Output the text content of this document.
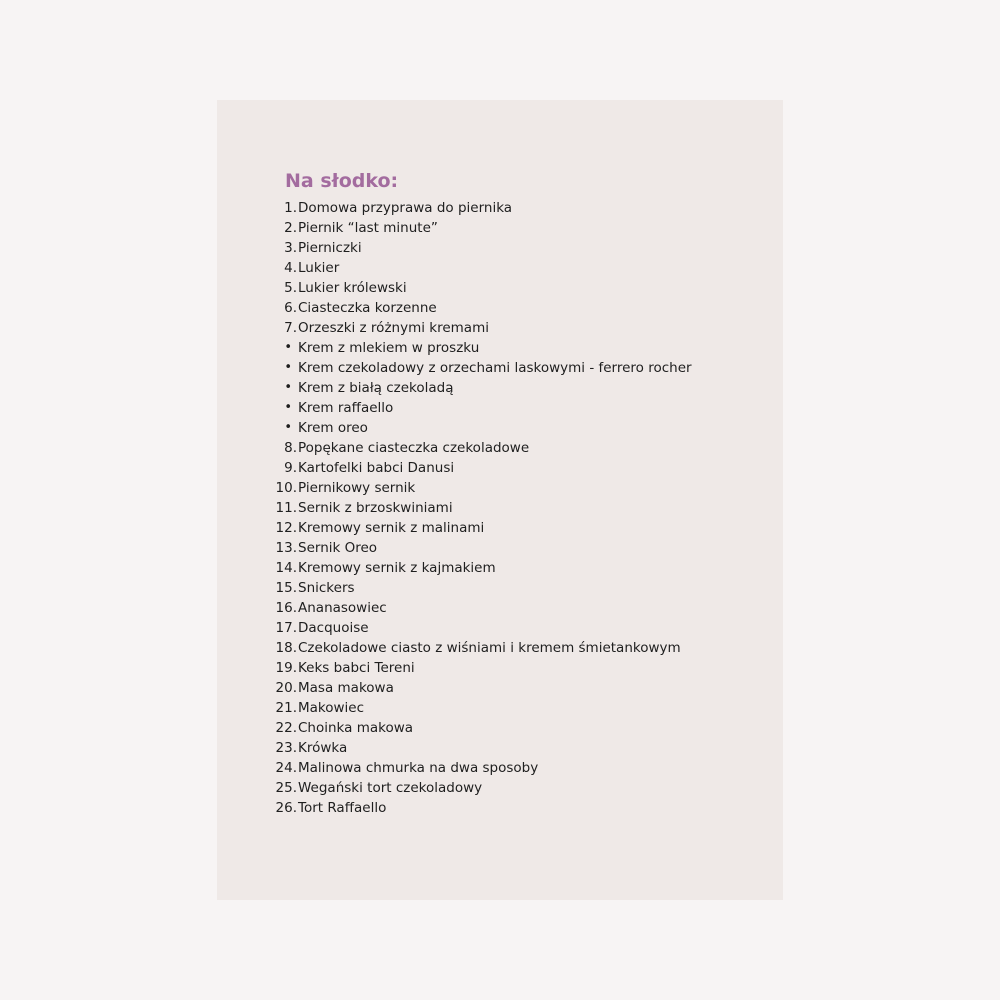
Na słodko:
1. Domowa przyprawa do piernika
2. Piernik “last minute”
3. Pierniczki
4. Lukier
5. Lukier królewski
6. Ciasteczka korzenne
7. Orzeszki z różnymi kremami
• Krem z mlekiem w proszku
• Krem czekoladowy z orzechami laskowymi - ferrero rocher
• Krem z białą czekoladą
• Krem raffaello
• Krem oreo
8. Popękane ciasteczka czekoladowe
9. Kartofelki babci Danusi
10. Piernikowy sernik
11. Sernik z brzoskwiniami
12. Kremowy sernik z malinami
13. Sernik Oreo
14. Kremowy sernik z kajmakiem
15. Snickers
16. Ananasowiec
17. Dacquoise
18. Czekoladowe ciasto z wiśniami i kremem śmietankowym
19. Keks babci Tereni
20. Masa makowa
21. Makowiec
22. Choinka makowa
23. Krówka
24. Malinowa chmurka na dwa sposoby
25. Wegański tort czekoladowy
26. Tort Raffaello
